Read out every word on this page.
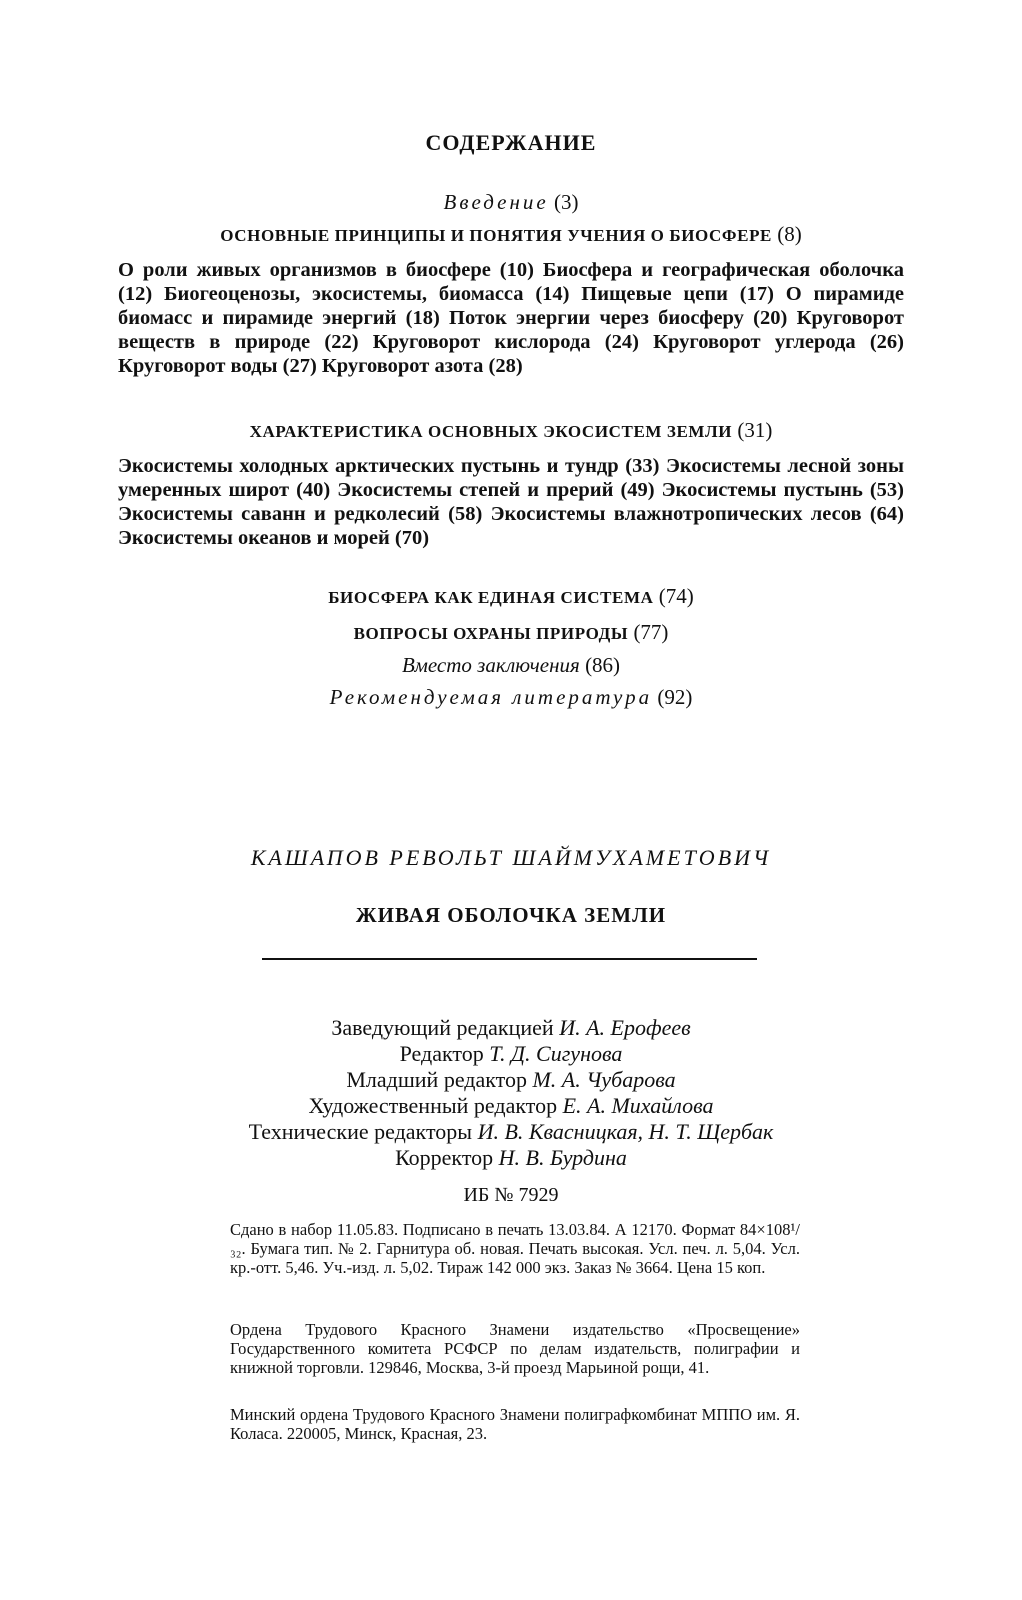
СОДЕРЖАНИЕ
Введение (3)
ОСНОВНЫЕ ПРИНЦИПЫ И ПОНЯТИЯ УЧЕНИЯ О БИОСФЕРЕ (8)
О роли живых организмов в биосфере (10) Биосфера и географическая оболочка (12) Биогеоценозы, экосистемы, биомасса (14) Пищевые цепи (17) О пирамиде биомасс и пирамиде энергий (18) Поток энергии через биосферу (20) Круговорот веществ в природе (22) Круговорот кислорода (24) Круговорот углерода (26) Круговорот воды (27) Круговорот азота (28)
ХАРАКТЕРИСТИКА ОСНОВНЫХ ЭКОСИСТЕМ ЗЕМЛИ (31)
Экосистемы холодных арктических пустынь и тундр (33) Экосистемы лесной зоны умеренных широт (40) Экосистемы степей и прерий (49) Экосистемы пустынь (53) Экосистемы саванн и редколесий (58) Экосистемы влажнотропических лесов (64) Экосистемы океанов и морей (70)
БИОСФЕРА КАК ЕДИНАЯ СИСТЕМА (74)
ВОПРОСЫ ОХРАНЫ ПРИРОДЫ (77)
Вместо заключения (86)
Рекомендуемая литература (92)
КАШАПОВ РЕВОЛЬТ ШАЙМУХАМЕТОВИЧ
ЖИВАЯ ОБОЛОЧКА ЗЕМЛИ
Заведующий редакцией И. А. Ерофеев
Редактор Т. Д. Сигунова
Младший редактор М. А. Чубарова
Художественный редактор Е. А. Михайлова
Технические редакторы И. В. Квасницкая, Н. Т. Щербак
Корректор Н. В. Бурдина
ИБ № 7929
Сдано в набор 11.05.83. Подписано в печать 13.03.84. А 12170. Формат 84×108¹/₃₂. Бумага тип. № 2. Гарнитура об. новая. Печать высокая. Усл. печ. л. 5,04. Усл. кр.-отт. 5,46. Уч.-изд. л. 5,02. Тираж 142 000 экз. Заказ № 3664. Цена 15 коп.
Ордена Трудового Красного Знамени издательство «Просвещение» Государственного комитета РСФСР по делам издательств, полиграфии и книжной торговли. 129846, Москва, 3-й проезд Марьиной рощи, 41.
Минский ордена Трудового Красного Знамени полиграфкомбинат МППО им. Я. Коласа. 220005, Минск, Красная, 23.
